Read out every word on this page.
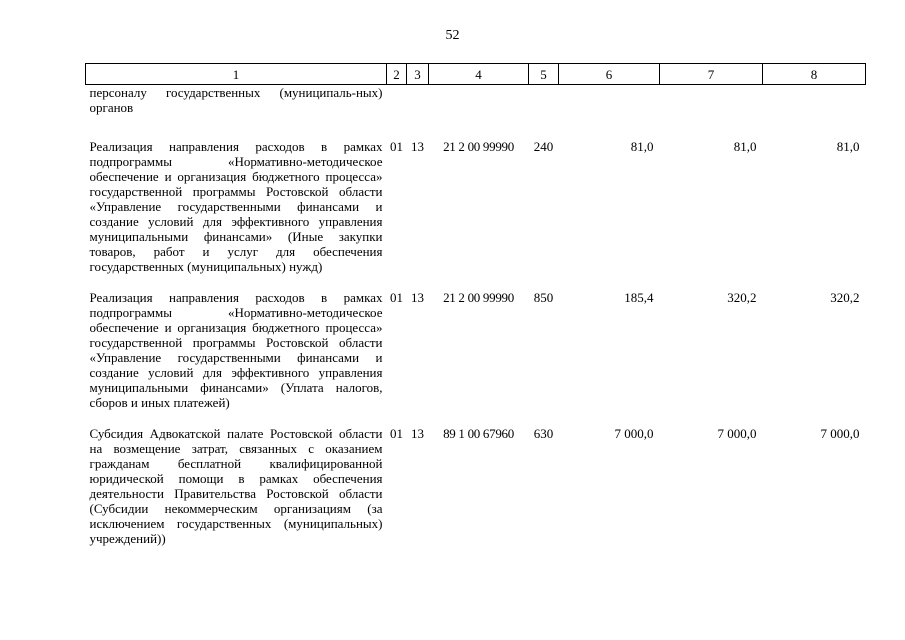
52
1	2	3	4	5	6	7	8
персоналу государственных (муниципаль-ных) органов							
Реализация направления расходов в рамках подпрограммы «Нормативно-методическое обеспечение и организация бюджетного процесса» государственной программы Ростовской области «Управление государственными финансами и создание условий для эффективного управления муниципальными финансами» (Иные закупки товаров, работ и услуг для обеспечения государственных (муниципальных) нужд)	01	13	21 2 00 99990	240	81,0	81,0	81,0
Реализация направления расходов в рамках подпрограммы «Нормативно-методическое обеспечение и организация бюджетного процесса» государственной программы Ростовской области «Управление государственными финансами и создание условий для эффективного управления муниципальными финансами» (Уплата налогов, сборов и иных платежей)	01	13	21 2 00 99990	850	185,4	320,2	320,2
Субсидия Адвокатской палате Ростовской области на возмещение затрат, связанных с оказанием гражданам бесплатной квалифицированной юридической помощи в рамках обеспечения деятельности Правительства Ростовской области (Субсидии некоммерческим организациям (за исключением государственных (муниципальных) учреждений))	01	13	89 1 00 67960	630	7 000,0	7 000,0	7 000,0
